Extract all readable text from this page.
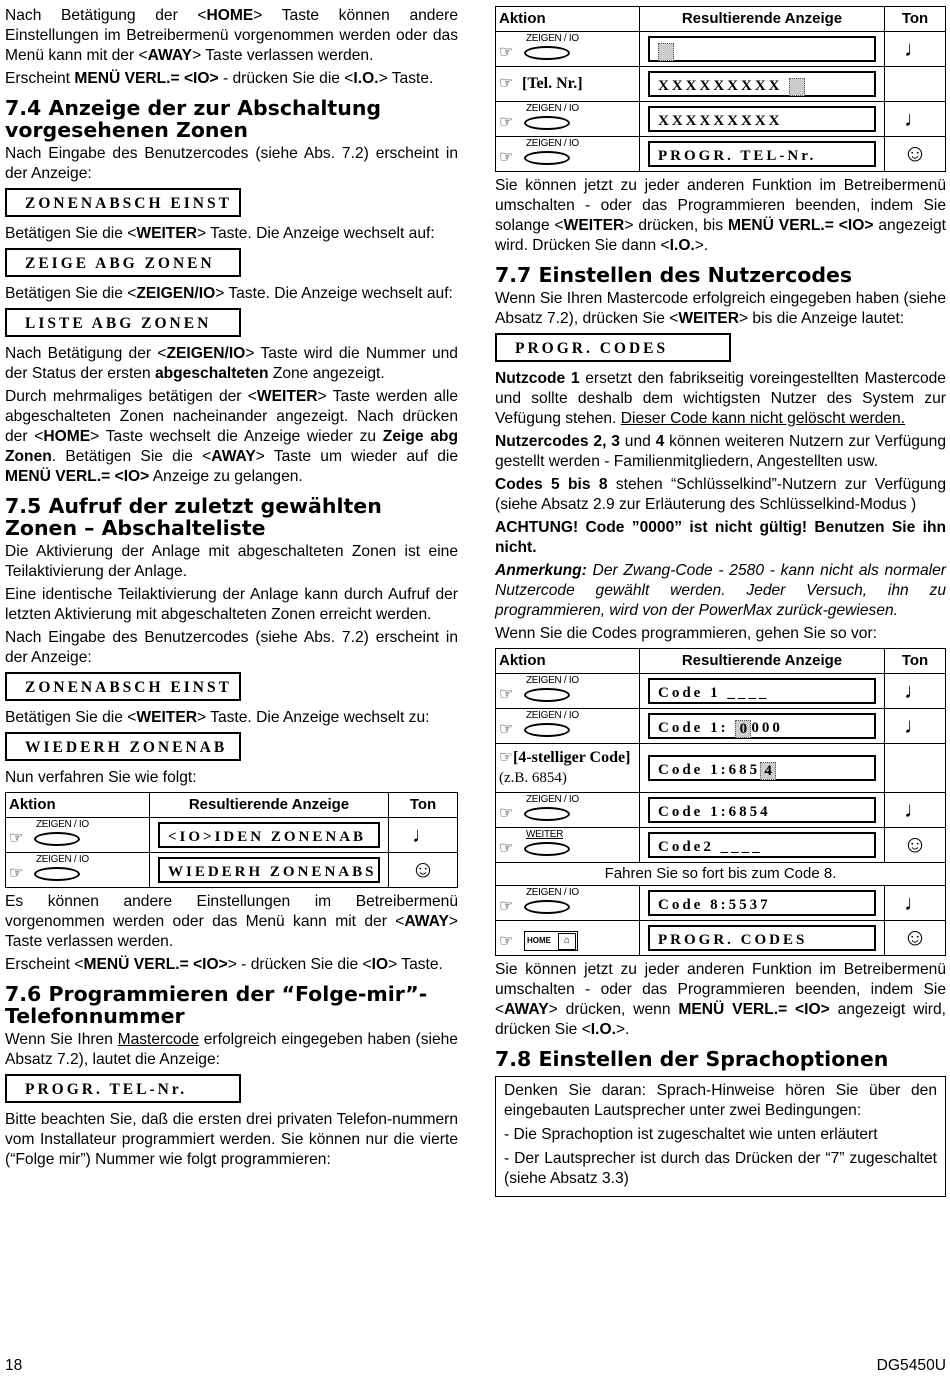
Nach Betätigung der <HOME> Taste können andere Einstellungen im Betreibermenü vorgenommen werden oder das Menü kann mit der <AWAY> Taste verlassen werden.

Erscheint MENÜ VERL.= <IO> - drücken Sie die <I.O.> Taste.

7.4 Anzeige der zur Abschaltung vorgesehenen Zonen

Nach Eingabe des Benutzercodes (siehe Abs. 7.2) erscheint in der Anzeige:

ZONENABSCH EINST

Betätigen Sie die <WEITER> Taste. Die Anzeige wechselt auf:

ZEIGE ABG ZONEN

Betätigen Sie die <ZEIGEN/IO> Taste. Die Anzeige wechselt auf:

LISTE ABG ZONEN

Nach Betätigung der <ZEIGEN/IO> Taste wird die Nummer und der Status der ersten abgeschalteten Zone angezeigt.

Durch mehrmaliges betätigen der <WEITER> Taste werden alle abgeschalteten Zonen nacheinander angezeigt. Nach drücken der <HOME> Taste wechselt die Anzeige wieder zu Zeige abg Zonen. Betätigen Sie die <AWAY> Taste um wieder auf die MENÜ VERL.= <IO> Anzeige zu gelangen.

7.5 Aufruf der zuletzt gewählten Zonen – Abschalteliste

Die Aktivierung der Anlage mit abgeschalteten Zonen ist eine Teilaktivierung der Anlage.

Eine identische Teilaktivierung der Anlage kann durch Aufruf der letzten Aktivierung mit abgeschalteten Zonen erreicht werden.

Nach Eingabe des Benutzercodes (siehe Abs. 7.2) erscheint in der Anzeige:

ZONENABSCH EINST

Betätigen Sie die <WEITER> Taste. Die Anzeige wechselt zu:

WIEDERH ZONENAB

Nun verfahren Sie wie folgt:

Aktion	Resultierende Anzeige	Ton

☞
ZEIGEN / IO	<IO>IDEN ZONENAB	♩

☞
ZEIGEN / IO	WIEDERH ZONENABS	☺

Es können andere Einstellungen im Betreibermenü vorgenommen werden oder das Menü kann mit der <AWAY> Taste verlassen werden.

Erscheint <MENÜ VERL.= <IO>> - drücken Sie die <IO> Taste.

7.6 Programmieren der “Folge-mir”-Telefonnummer

Wenn Sie Ihren Mastercode erfolgreich eingegeben haben (siehe Absatz 7.2), lautet die Anzeige:

PROGR. TEL-Nr.

Bitte beachten Sie, daß die ersten drei privaten Telefon-nummern vom Installateur programmiert werden. Sie können nur die vierte (“Folge mir”) Nummer wie folgt programmieren:

Aktion	Resultierende Anzeige	Ton

☞
ZEIGEN / IO		♩

☞ [Tel. Nr.]	XXXXXXXXX	

☞
ZEIGEN / IO	XXXXXXXXX	♩

☞
ZEIGEN / IO	PROGR. TEL-Nr.	☺

Sie können jetzt zu jeder anderen Funktion im Betreibermenü umschalten - oder das Programmieren beenden, indem Sie solange <WEITER> drücken, bis MENÜ VERL.= <IO> angezeigt wird. Drücken Sie dann <I.O.>.

7.7 Einstellen des Nutzercodes

Wenn Sie Ihren Mastercode erfolgreich eingegeben haben (siehe Absatz 7.2), drücken Sie <WEITER> bis die Anzeige lautet:

PROGR. CODES

Nutzcode 1 ersetzt den fabrikseitig voreingestellten Mastercode und sollte deshalb dem wichtigsten Nutzer des System zur Vefügung stehen. Dieser Code kann nicht gelöscht werden.

Nutzercodes 2, 3 und 4 können weiteren Nutzern zur Verfügung gestellt werden - Familienmitgliedern, Angestellten usw.

Codes 5 bis 8 stehen “Schlüsselkind”-Nutzern zur Verfügung (siehe Absatz 2.9 zur Erläuterung des Schlüsselkind-Modus )

ACHTUNG! Code ”0000” ist nicht gültig! Benutzen Sie ihn nicht.

Anmerkung: Der Zwang-Code - 2580 - kann nicht als normaler Nutzercode gewählt werden. Jeder Versuch, ihn zu programmieren, wird von der PowerMax zurück-gewiesen.

Wenn Sie die Codes programmieren, gehen Sie so vor:

Aktion	Resultierende Anzeige	Ton

☞
ZEIGEN / IO	Code 1 ____	♩

☞
ZEIGEN / IO	Code 1: 0 000	♩
☞[4-stelliger Code] (z.B. 6854)	Code 1:685 4	

☞
ZEIGEN / IO	Code 1:6854	♩

☞
WEITER	Code2 ____	☺
Fahren Sie so fort bis zum Code 8.		

☞
ZEIGEN / IO	Code 8:5537	♩

☞ HOME ⌂	PROGR. CODES	☺

Sie können jetzt zu jeder anderen Funktion im Betreibermenü umschalten - oder das Programmieren beenden, indem Sie <AWAY> drücken, wenn MENÜ VERL.= <IO> angezeigt wird, drücken Sie <I.O.>.

7.8 Einstellen der Sprachoptionen

Denken Sie daran: Sprach-Hinweise hören Sie über den eingebauten Lautsprecher unter zwei Bedingungen:

- Die Sprachoption ist zugeschaltet wie unten erläutert

- Der Lautsprecher ist durch das Drücken der “7” zugeschaltet (siehe Absatz 3.3)

18	DG5450U
